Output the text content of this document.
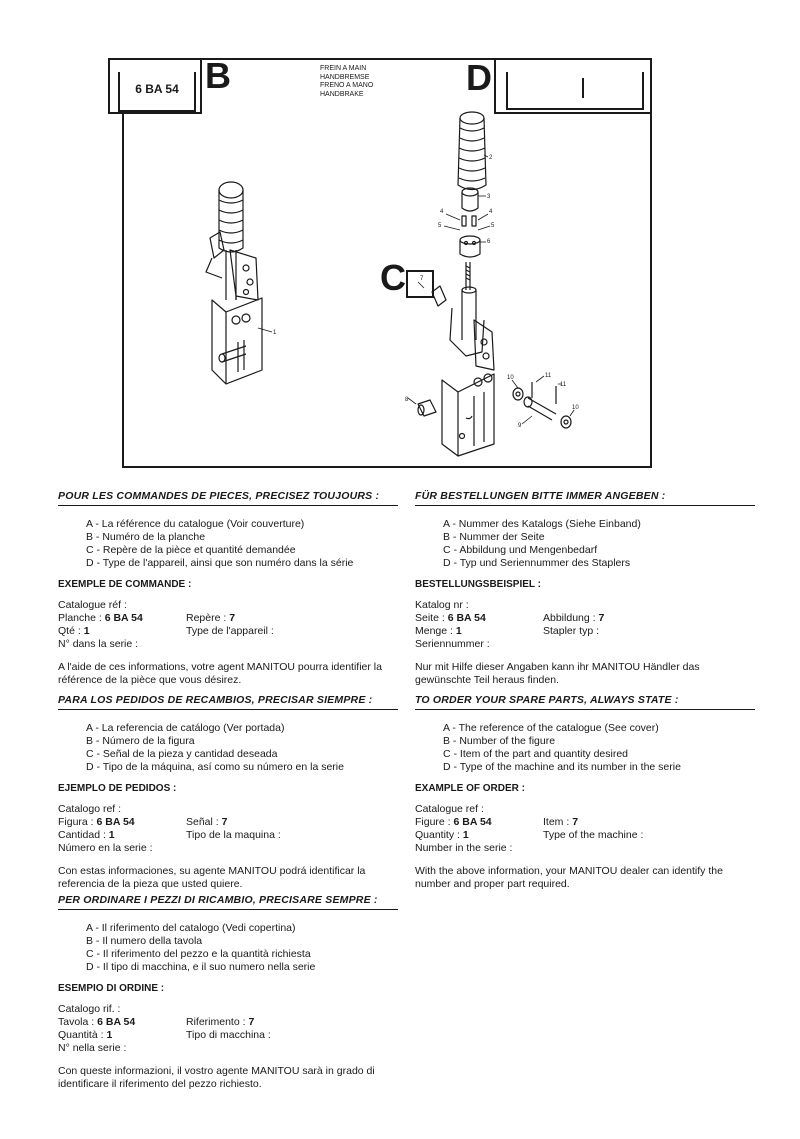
6 BA 54 B	D
FREIN A MAIN
HANDBREMSE
FRENO A MANO
HANDBRAKE
1
2
3
4	4
5	5
6
7
8
9
10
10
11
11
C
POUR LES COMMANDES DE PIECES, PRECISEZ TOUJOURS :
A - La référence du catalogue (Voir couverture)
B - Numéro de la planche
C - Repère de la pièce et quantité demandée
D - Type de l'appareil, ainsi que son numéro dans la série
EXEMPLE DE COMMANDE :
Catalogue réf :
Planche : 6 BA 54	Repère : 7
Qté : 1	Type de l'appareil :
N° dans la serie :

A l'aide de ces informations, votre agent MANITOU pourra identifier la référence de la pièce que vous désirez.

FÜR BESTELLUNGEN BITTE IMMER ANGEBEN :
A - Nummer des Katalogs (Siehe Einband)
B - Nummer der Seite
C - Abbildung und Mengenbedarf
D - Typ und Seriennummer des Staplers
BESTELLUNGSBEISPIEL :
Katalog nr :
Seite : 6 BA 54	Abbildung : 7
Menge : 1	Stapler typ :
Seriennummer :

Nur mit Hilfe dieser Angaben kann ihr MANITOU Händler das gewünschte Teil heraus finden.

PARA LOS PEDIDOS DE RECAMBIOS, PRECISAR SIEMPRE :
A - La referencia de catálogo (Ver portada)
B - Número de la figura
C - Señal de la pieza y cantidad deseada
D - Tipo de la máquina, así como su número en la serie
EJEMPLO DE PEDIDOS :
Catalogo ref :
Figura : 6 BA 54	Señal : 7
Cantidad : 1	Tipo de la maquina :
Número en la serie :

Con estas informaciones, su agente MANITOU podrá identificar la referencia de la pieza que usted quiere.

TO ORDER YOUR SPARE PARTS, ALWAYS STATE :
A - The reference of the catalogue (See cover)
B - Number of the figure
C - Item of the part and quantity desired
D - Type of the machine and its number in the serie
EXAMPLE OF ORDER :
Catalogue ref :
Figure : 6 BA 54	Item : 7
Quantity : 1	Type of the machine :
Number in the serie :

With the above information, your MANITOU dealer can identify the number and proper part required.

PER ORDINARE I PEZZI DI RICAMBIO, PRECISARE SEMPRE :
A - Il riferimento del catalogo (Vedi copertina)
B - Il numero della tavola
C - Il riferimento del pezzo e la quantità richiesta
D - Il tipo di macchina, e il suo numero nella serie
ESEMPIO DI ORDINE :
Catalogo rif. :
Tavola : 6 BA 54	Riferimento : 7
Quantità : 1	Tipo di macchina :
N° nella serie :

Con queste informazioni, il vostro agente MANITOU sarà in grado di identificare il riferimento del pezzo richiesto.
